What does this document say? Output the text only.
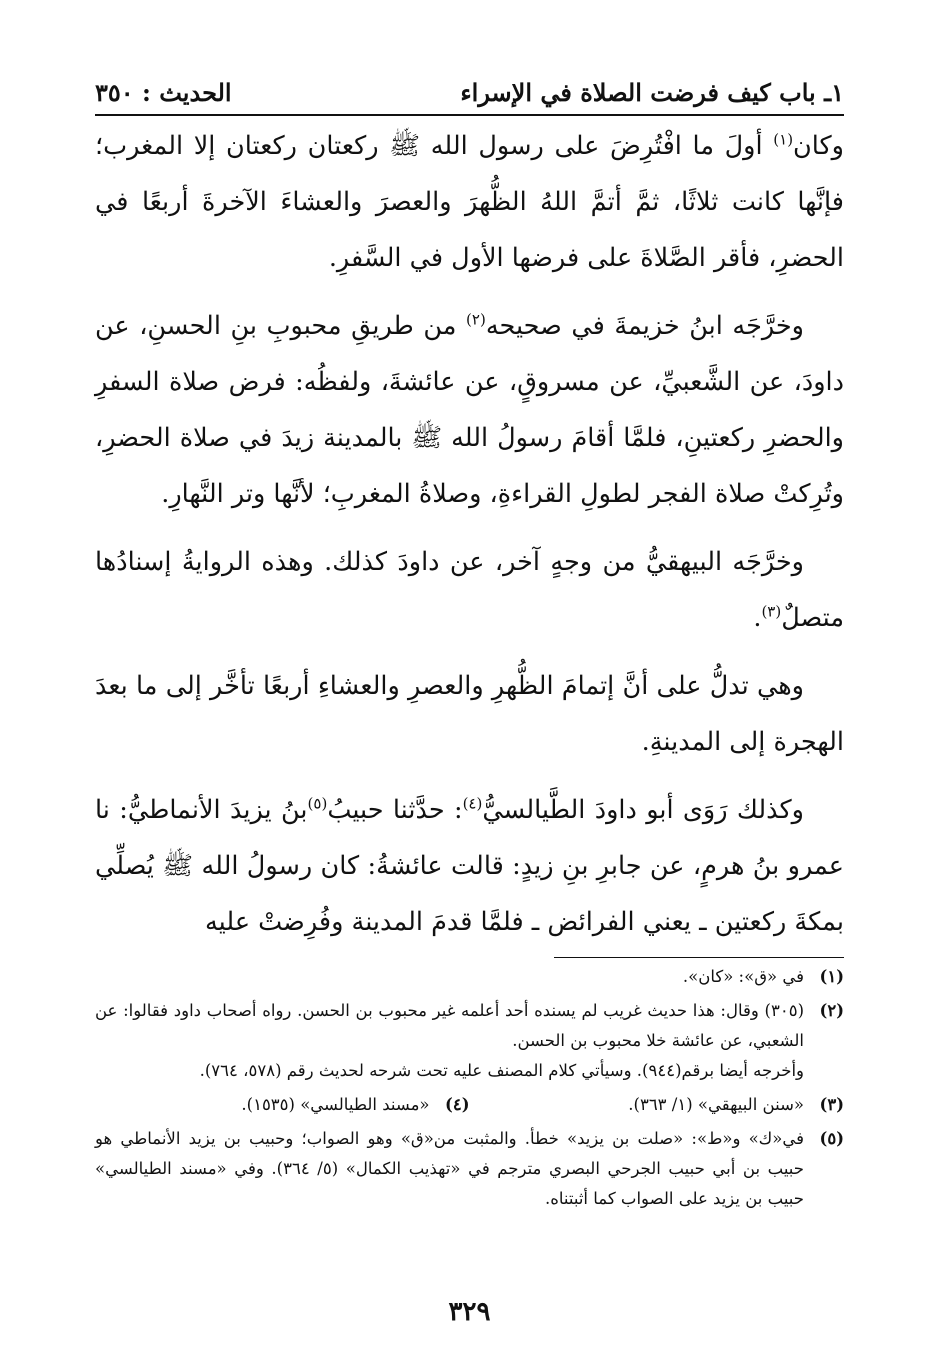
١ـ باب كيف فرضت الصلاة في الإسراء
الحديث : ٣٥٠

وكان$^{(١)}$ أولَ ما افْتُرِضَ على رسول الله ﷺ ركعتان ركعتان إلا المغرب؛ فإنَّها كانت ثلاثًا، ثمَّ أتمَّ اللهُ الظُّهرَ والعصرَ والعشاءَ الآخرةَ أربعًا في الحضرِ، فأقر الصَّلاةَ على فرضها الأول في السَّفرِ.

وخرَّجَه ابنُ خزيمةَ في صحيحه$^{(٢)}$ من طريقِ محبوبِ بنِ الحسنِ، عن داودَ، عن الشَّعبيِّ، عن مسروقٍ، عن عائشةَ، ولفظُه: فرض صلاة السفرِ والحضرِ ركعتينِ، فلمَّا أقامَ رسولُ الله ﷺ بالمدينة زيدَ في صلاة الحضرِ، وتُرِكتْ صلاة الفجر لطولِ القراءةِ، وصلاةُ المغربِ؛ لأنَّها وتر النَّهارِ.

وخرَّجَه البيهقيُّ من وجهٍ آخر، عن داودَ كذلك. وهذه الروايةُ إسنادُها متصلٌ$^{(٣)}$.

وهي تدلُّ على أنَّ إتمامَ الظُّهرِ والعصرِ والعشاءِ أربعًا تأخَّر إلى ما بعدَ الهجرة إلى المدينةِ.

وكذلك رَوَى أبو داودَ الطَّيالسيُّ$^{(٤)}$: حدَّثنا حبيبُ$^{(٥)}$بنُ يزيدَ الأنماطيُّ: نا عمرو بنُ هرمٍ، عن جابرِ بنِ زيدٍ: قالت عائشةُ: كان رسولُ الله ﷺ يُصلِّي بمكةَ ركعتين ـ يعني الفرائض ـ فلمَّا قدمَ المدينة وفُرِضتْ عليه

(١)
في «ق»: «كان».
(٢)
(٣٠٥) وقال: هذا حديث غريب لم يسنده أحد أعلمه غير محبوب بن الحسن. رواه أصحاب داود فقالوا: عن الشعبي، عن عائشة خلا محبوب بن الحسن.
وأخرجه أيضا برقم(٩٤٤). وسيأتي كلام المصنف عليه تحت شرحه لحديث رقم (٥٧٨، ٧٦٤).
(٣)
«سنن البيهقي» (١/ ٣٦٣).
(٤)
«مسند الطيالسي» (١٥٣٥).
(٥)
في«ك» و«ط»: «صلت بن يزيد» خطأ. والمثبت من«ق» وهو الصواب؛ وحبيب بن يزيد الأنماطي هو حبيب بن أبي حبيب الجرحي البصري مترجم في «تهذيب الكمال» (٥/ ٣٦٤). وفي «مسند الطيالسي» حبيب بن يزيد على الصواب كما أثبتناه.
٣٢٩
